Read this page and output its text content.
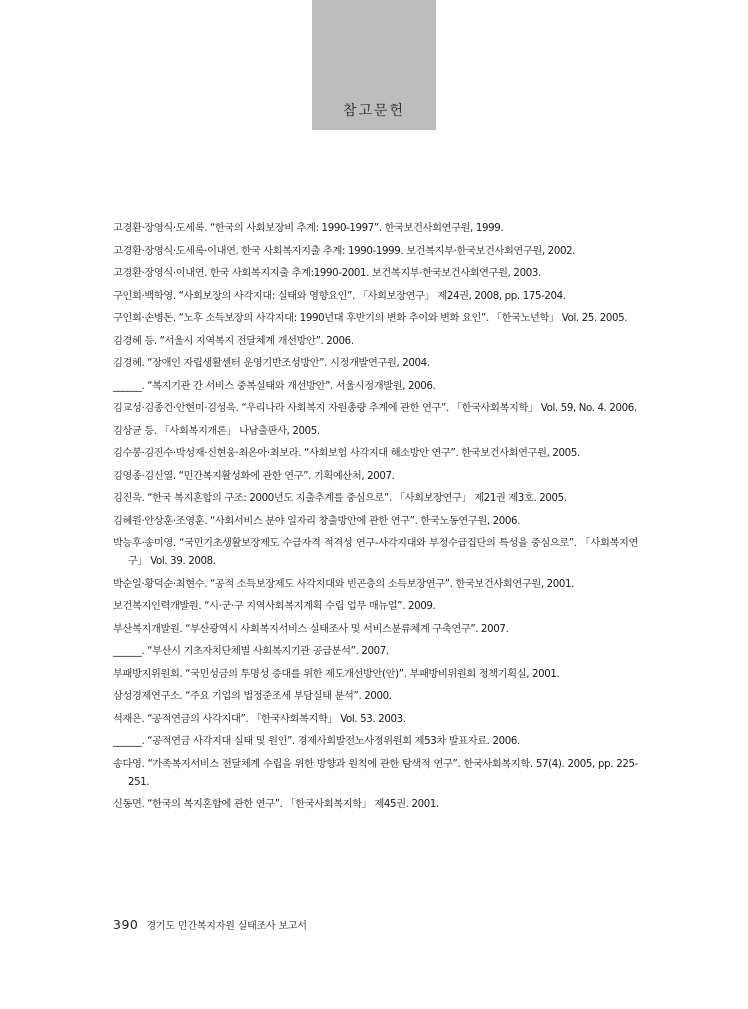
참고문헌
고경환·장영식·도세록. “한국의 사회보장비 추계: 1990-1997”. 한국보건사회연구원, 1999.
고경환·장영식·도세록·이내연. 한국 사회복지지출 추계: 1990-1999. 보건복지부·한국보건사회연구원, 2002.
고경환·장영식·이내연. 한국 사회복지지출 추계:1990-2001. 보건복지부·한국보건사회연구원, 2003.
구인회·백학영. “사회보장의 사각지대: 실태와 영향요인”. 「사회보장연구」 제24권, 2008, pp. 175-204.
구인회·손병돈. “노후 소득보장의 사각지대: 1990년대 후반기의 변화 추이와 변화 요인”. 「한국노년학」 Vol. 25. 2005.
김경혜 등. “서울시 지역복지 전달체계 개선방안”. 2006.
김경혜. “장애인 자립생활센터 운영기반조성방안”. 시정개발연구원, 2004.
______. “복지기관 간 서비스 중복실태와 개선방안”. 서울시정개발원, 2006.
김교성·김종건·안현미·김성욱. “우리나라 사회복지 자원총량 추계에 관한 연구”. 「한국사회복지학」 Vol. 59, No. 4. 2006.
김상균 등. 「사회복지개론」 나남출판사, 2005.
김수봉·김진수·박성재·신현웅·최은아·최보라. “사회보험 사각지대 해소방안 연구”. 한국보건사회연구원, 2005.
김영종·김신열. “민간복지활성화에 관한 연구”. 기획예산처, 2007.
김진욱. “한국 복지혼합의 구조: 2000년도 지출추계를 중심으로”. 「사회보장연구」 제21권 제3호. 2005.
김혜원·안상훈·조영훈. “사회서비스 분야 일자리 창출방안에 관한 연구”. 한국노동연구원, 2006.
박능후·송미영. “국민기초생활보장제도 수급자격 적격성 연구-사각지대와 부정수급집단의 특성을 중심으로”. 「사회복지연구」 Vol. 39. 2008.
박순일·황덕순·최현수. “공적 소득보장제도 사각지대와 빈곤층의 소득보장연구”. 한국보건사회연구원, 2001.
보건복지인력개발원. “시·군·구 지역사회복지계획 수립 업무 매뉴얼”. 2009.
부산복지개발원. “부산광역시 사회복지서비스 실태조사 및 서비스분류체계 구축연구”. 2007.
______. “부산시 기초자치단체별 사회복지기관 공급분석”. 2007.
부패방지위원회. “국민성금의 투명성 증대를 위한 제도개선방안(안)”. 부패방비위원회 정책기획실, 2001.
삼성경제연구소. “주요 기업의 법정준조세 부담실태 분석”. 2000.
석재은. “공적연금의 사각지대”. 「한국사회복지학」 Vol. 53. 2003.
______. “공적연금 사각지대 실태 및 원인”. 경제사회발전노사정위원회 제53차 발표자료. 2006.
송다영. “가족복지서비스 전달체계 수립을 위한 방향과 원칙에 관한 탐색적 연구”. 한국사회복지학. 57(4). 2005, pp. 225-251.
신동면. “한국의 복지혼합에 관한 연구”. 「한국사회복지학」 제45권. 2001.
390 경기도 민간복지자원 실태조사 보고서
